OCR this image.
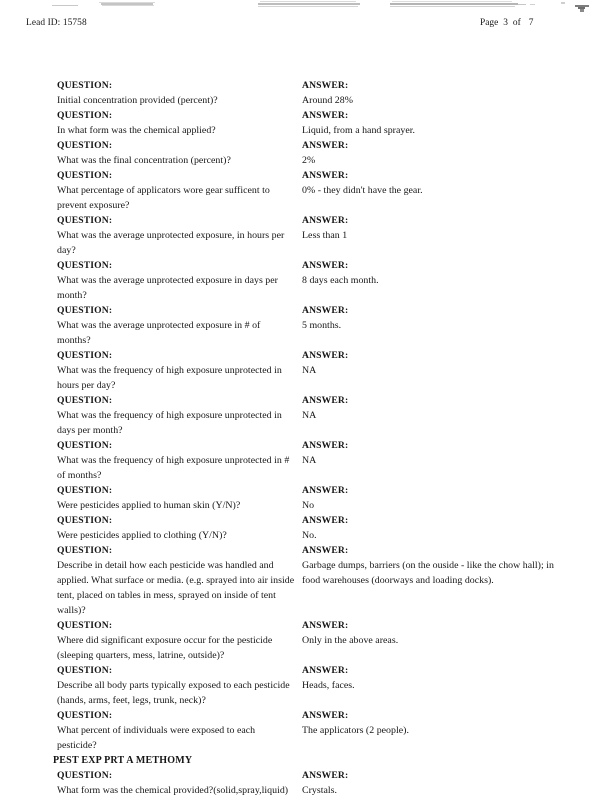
Lead ID: 15758	Page 3 of 7
QUESTION:
Initial concentration provided (percent)?
ANSWER:
Around 28%
QUESTION:
In what form was the chemical applied?
ANSWER:
Liquid, from a hand sprayer.
QUESTION:
What was the final concentration (percent)?
ANSWER:
2%
QUESTION:
What percentage of applicators wore gear sufficent to prevent exposure?
ANSWER:
0% - they didn't have the gear.
QUESTION:
What was the average unprotected exposure, in hours per day?
ANSWER:
Less than 1
QUESTION:
What was the average unprotected exposure in days per month?
ANSWER:
8 days each month.
QUESTION:
What was the average unprotected exposure in # of months?
ANSWER:
5 months.
QUESTION:
What was the frequency of high exposure unprotected in hours per day?
ANSWER:
NA
QUESTION:
What was the frequency of high exposure unprotected in days per month?
ANSWER:
NA
QUESTION:
What was the frequency of high exposure unprotected in # of months?
ANSWER:
NA
QUESTION:
Were pesticides applied to human skin (Y/N)?
ANSWER:
No
QUESTION:
Were pesticides applied to clothing (Y/N)?
ANSWER:
No.
QUESTION:
Describe in detail how each pesticide was handled and applied. What surface or media. (e.g. sprayed into air inside tent, placed on tables in mess, sprayed on inside of tent walls)?
ANSWER:
Garbage dumps, barriers (on the ouside - like the chow hall); in food warehouses (doorways and loading docks).
QUESTION:
Where did significant exposure occur for the pesticide (sleeping quarters, mess, latrine, outside)?
ANSWER:
Only in the above areas.
QUESTION:
Describe all body parts typically exposed to each pesticide (hands, arms, feet, legs, trunk, neck)?
ANSWER:
Heads, faces.
QUESTION:
What percent of individuals were exposed to each pesticide?
ANSWER:
The applicators (2 people).
PEST EXP PRT A METHOMY
QUESTION:
What form was the chemical provided?(solid,spray,liquid)
ANSWER:
Crystals.
